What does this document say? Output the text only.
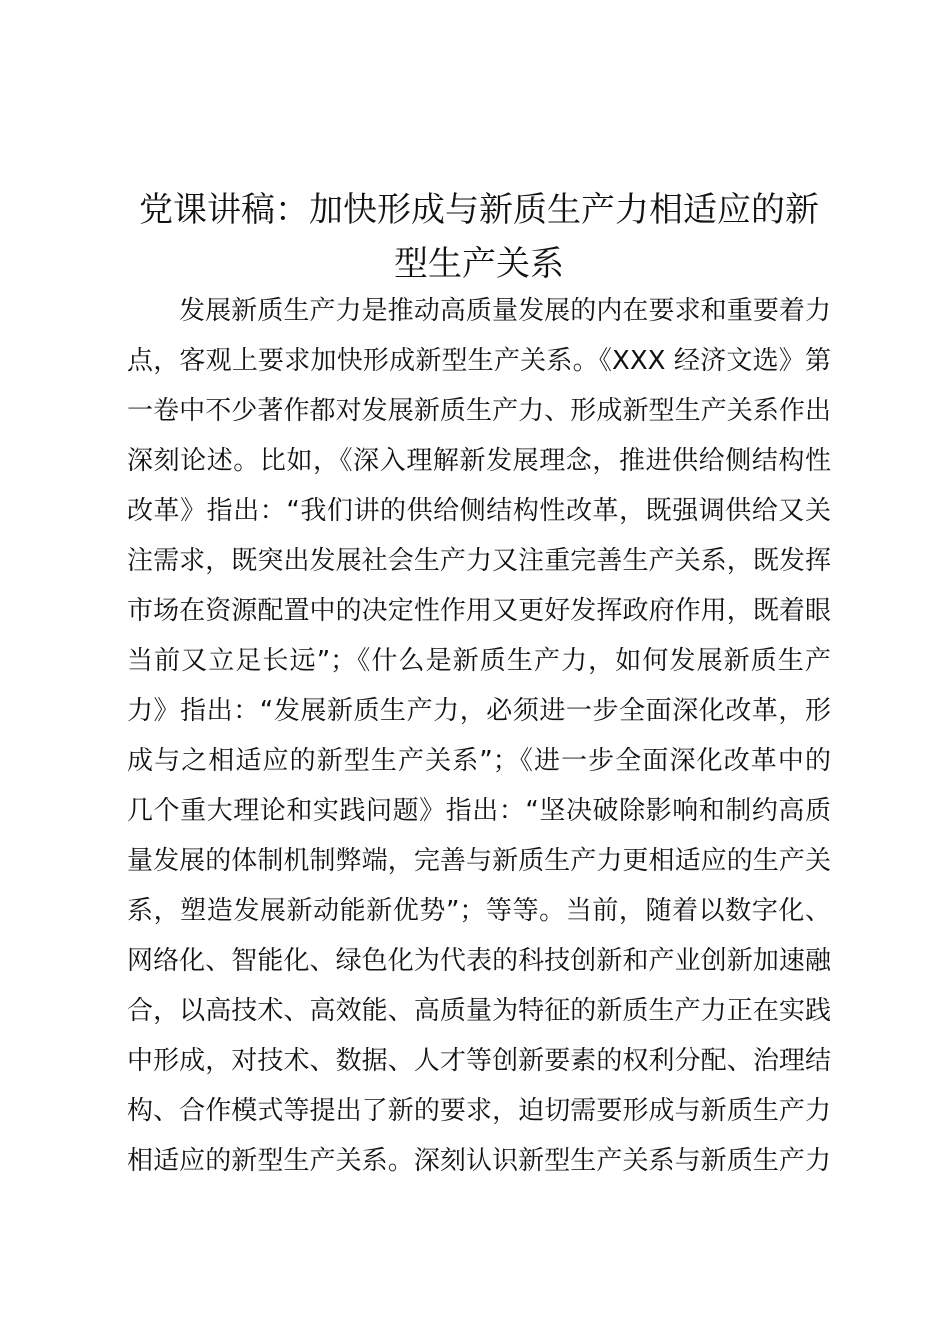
党课讲稿：加快形成与新质生产力相适应的新
型生产关系
发展新质生产力是推动高质量发展的内在要求和重要着力
点，客观上要求加快形成新型生产关系。《XXX 经济文选》第
一卷中不少著作都对发展新质生产力、形成新型生产关系作出
深刻论述。比如，《深入理解新发展理念，推进供给侧结构性
改革》指出：“我们讲的供给侧结构性改革，既强调供给又关
注需求，既突出发展社会生产力又注重完善生产关系，既发挥
市场在资源配置中的决定性作用又更好发挥政府作用，既着眼
当前又立足长远”；《什么是新质生产力，如何发展新质生产
力》指出：“发展新质生产力，必须进一步全面深化改革，形
成与之相适应的新型生产关系”；《进一步全面深化改革中的
几个重大理论和实践问题》指出：“坚决破除影响和制约高质
量发展的体制机制弊端，完善与新质生产力更相适应的生产关
系，塑造发展新动能新优势”；等等。当前，随着以数字化、
网络化、智能化、绿色化为代表的科技创新和产业创新加速融
合，以高技术、高效能、高质量为特征的新质生产力正在实践
中形成，对技术、数据、人才等创新要素的权利分配、治理结
构、合作模式等提出了新的要求，迫切需要形成与新质生产力
相适应的新型生产关系。深刻认识新型生产关系与新质生产力
